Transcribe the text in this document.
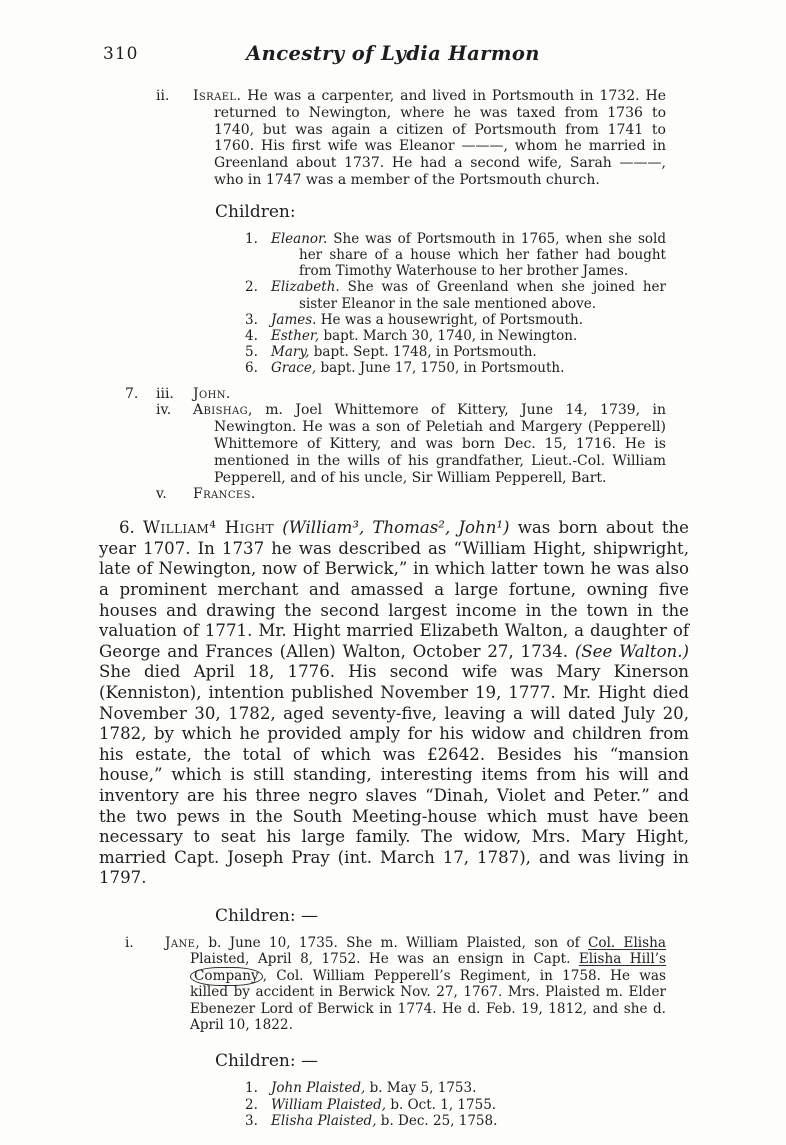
310	Ancestry of Lydia Harmon
ii.	Israel. He was a carpenter, and lived in Portsmouth in 1732. He returned to Newington, where he was taxed from 1736 to 1740, but was again a citizen of Portsmouth from 1741 to 1760. His first wife was Eleanor ———, whom he married in Greenland about 1737. He had a second wife, Sarah ———, who in 1747 was a member of the Portsmouth church.
Children:
1. Eleanor. She was of Portsmouth in 1765, when she sold her share of a house which her father had bought from Timothy Waterhouse to her brother James.
2. Elizabeth. She was of Greenland when she joined her sister Eleanor in the sale mentioned above.
3. James. He was a housewright, of Portsmouth.
4. Esther, bapt. March 30, 1740, in Newington.
5. Mary, bapt. Sept. 1748, in Portsmouth.
6. Grace, bapt. June 17, 1750, in Portsmouth.
7.	iii.	John.
iv.	Abishag, m. Joel Whittemore of Kittery, June 14, 1739, in Newington. He was a son of Peletiah and Margery (Pepperell) Whittemore of Kittery, and was born Dec. 15, 1716. He is mentioned in the wills of his grandfather, Lieut.-Col. William Pepperell, and of his uncle, Sir William Pepperell, Bart.
v.	Frances.
6. William⁴ Hight (William³, Thomas², John¹) was born about the year 1707. In 1737 he was described as “William Hight, shipwright, late of Newington, now of Berwick,” in which latter town he was also a prominent merchant and amassed a large fortune, owning five houses and drawing the second largest income in the town in the valuation of 1771. Mr. Hight married Elizabeth Walton, a daughter of George and Frances (Allen) Walton, October 27, 1734. (See Walton.) She died April 18, 1776. His second wife was Mary Kinerson (Kenniston), intention published November 19, 1777. Mr. Hight died November 30, 1782, aged seventy-five, leaving a will dated July 20, 1782, by which he provided amply for his widow and children from his estate, the total of which was £2642. Besides his “mansion house,” which is still standing, interesting items from his will and inventory are his three negro slaves “Dinah, Violet and Peter.” and the two pews in the South Meeting-house which must have been necessary to seat his large family. The widow, Mrs. Mary Hight, married Capt. Joseph Pray (int. March 17, 1787), and was living in 1797.
Children: —
i.	Jane, b. June 10, 1735. She m. William Plaisted, son of Col. Elisha Plaisted, April 8, 1752. He was an ensign in Capt. Elisha Hill’s Company , Col. William Pepperell’s Regiment, in 1758. He was killed by accident in Berwick Nov. 27, 1767. Mrs. Plaisted m. Elder Ebenezer Lord of Berwick in 1774. He d. Feb. 19, 1812, and she d. April 10, 1822.
Children: —
1. John Plaisted, b. May 5, 1753.
2. William Plaisted, b. Oct. 1, 1755.
3. Elisha Plaisted, b. Dec. 25, 1758.
